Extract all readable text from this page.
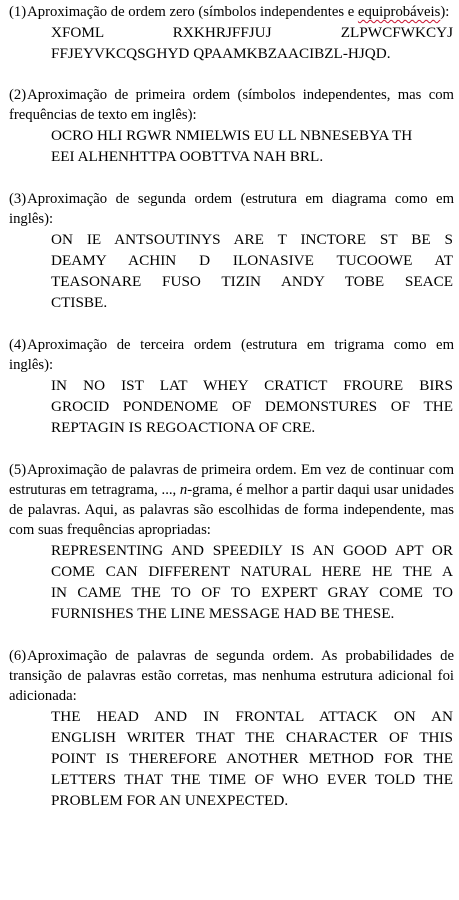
(1)Aproximação de ordem zero (símbolos independentes e equiprobáveis):

XFOML RXKHRJFFJUJ ZLPWCFWKCYJ

FFJEYVKCQSGHYD QPAAMKBZAACIBZL-HJQD.

(2)Aproximação de primeira ordem (símbolos independentes, mas com frequências de texto em inglês):

OCRO HLI RGWR NMIELWIS EU LL NBNESEBYA TH

EEI ALHENHTTPA OOBTTVA NAH BRL.

(3)Aproximação de segunda ordem (estrutura em diagrama como em inglês):

ON IE ANTSOUTINYS ARE T INCTORE ST BE S

DEAMY ACHIN D ILONASIVE TUCOOWE AT

TEASONARE FUSO TIZIN ANDY TOBE SEACE

CTISBE.

(4)Aproximação de terceira ordem (estrutura em trigrama como em inglês):

IN NO IST LAT WHEY CRATICT FROURE BIRS

GROCID PONDENOME OF DEMONSTURES OF THE

REPTAGIN IS REGOACTIONA OF CRE.

(5)Aproximação de palavras de primeira ordem. Em vez de continuar com estruturas em tetragrama, ..., n-grama, é melhor a partir daqui usar unidades de palavras. Aqui, as palavras são escolhidas de forma independente, mas com suas frequências apropriadas:

REPRESENTING AND SPEEDILY IS AN GOOD APT OR

COME CAN DIFFERENT NATURAL HERE HE THE A

IN CAME THE TO OF TO EXPERT GRAY COME TO

FURNISHES THE LINE MESSAGE HAD BE THESE.

(6)Aproximação de palavras de segunda ordem. As probabilidades de transição de palavras estão corretas, mas nenhuma estrutura adicional foi adicionada:

THE HEAD AND IN FRONTAL ATTACK ON AN

ENGLISH WRITER THAT THE CHARACTER OF THIS

POINT IS THEREFORE ANOTHER METHOD FOR THE

LETTERS THAT THE TIME OF WHO EVER TOLD THE

PROBLEM FOR AN UNEXPECTED.
